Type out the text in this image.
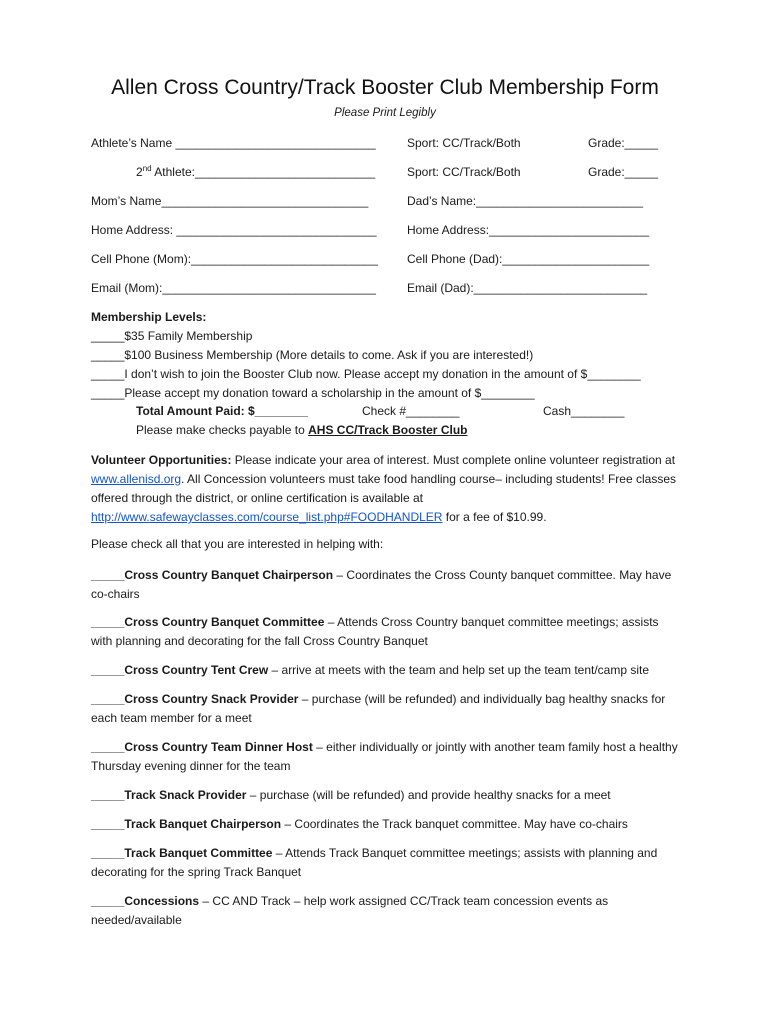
Allen Cross Country/Track Booster Club Membership Form
Please Print Legibly
Athlete’s Name ______________________________	Sport: CC/Track/Both	Grade:_____
2nd Athlete:___________________________	Sport: CC/Track/Both	Grade:_____
Mom’s Name_______________________________	Dad’s Name:_________________________
Home Address: ______________________________	Home Address:________________________
Cell Phone (Mom):____________________________ Cell Phone (Dad):______________________
Email (Mom):________________________________	Email (Dad):__________________________
Membership Levels:
_____$35 Family Membership
_____$100 Business Membership (More details to come. Ask if you are interested!)
_____I don’t wish to join the Booster Club now. Please accept my donation in the amount of $________
_____Please accept my donation toward a scholarship in the amount of $________
Total Amount Paid: $________	Check #________	Cash________
Please make checks payable to AHS CC/Track Booster Club
Volunteer Opportunities: Please indicate your area of interest. Must complete online volunteer registration at www.allenisd.org. All Concession volunteers must take food handling course– including students! Free classes offered through the district, or online certification is available at http://www.safewayclasses.com/course_list.php#FOODHANDLER for a fee of $10.99.
Please check all that you are interested in helping with:
_____Cross Country Banquet Chairperson – Coordinates the Cross County banquet committee. May have co-chairs
_____Cross Country Banquet Committee – Attends Cross Country banquet committee meetings; assists with planning and decorating for the fall Cross Country Banquet
_____Cross Country Tent Crew – arrive at meets with the team and help set up the team tent/camp site
_____Cross Country Snack Provider – purchase (will be refunded) and individually bag healthy snacks for each team member for a meet
_____Cross Country Team Dinner Host – either individually or jointly with another team family host a healthy Thursday evening dinner for the team
_____Track Snack Provider – purchase (will be refunded) and provide healthy snacks for a meet
_____Track Banquet Chairperson – Coordinates the Track banquet committee. May have co-chairs
_____Track Banquet Committee – Attends Track Banquet committee meetings; assists with planning and decorating for the spring Track Banquet
_____Concessions – CC AND Track – help work assigned CC/Track team concession events as needed/available
